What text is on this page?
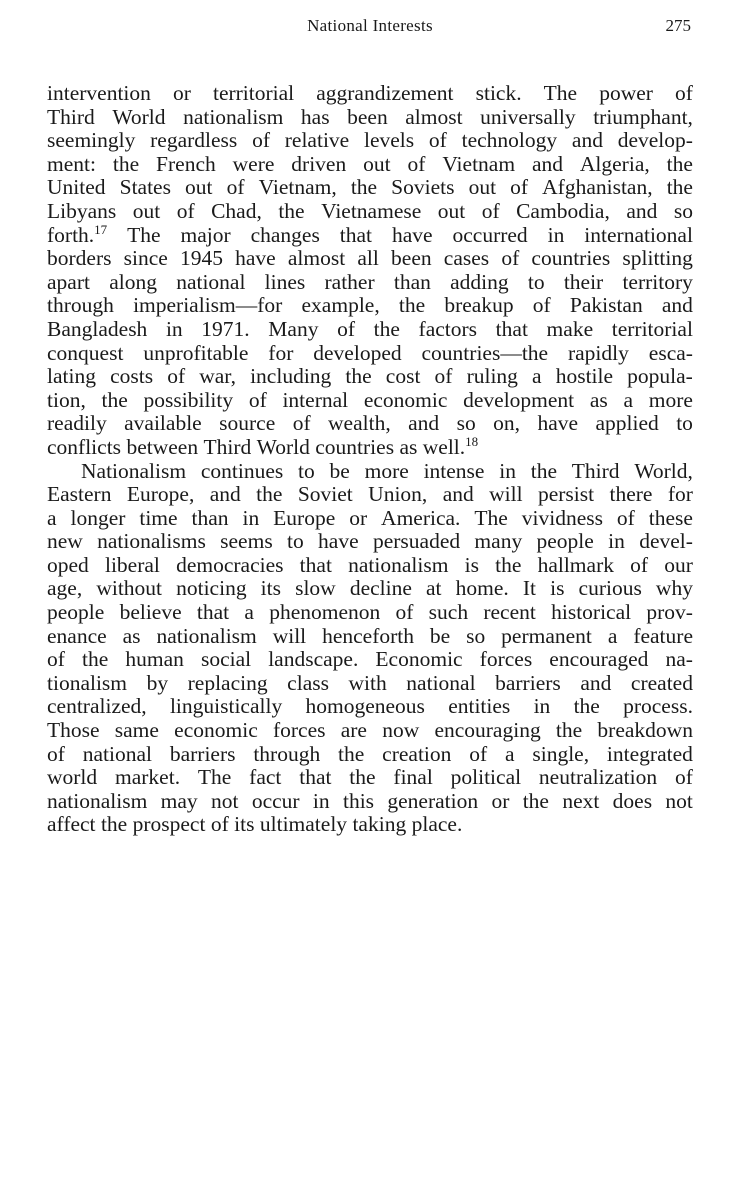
National Interests	275
intervention or territorial aggrandizement stick. The power of
Third World nationalism has been almost universally triumphant,
seemingly regardless of relative levels of technology and develop-
ment: the French were driven out of Vietnam and Algeria, the
United States out of Vietnam, the Soviets out of Afghanistan, the
Libyans out of Chad, the Vietnamese out of Cambodia, and so
forth.$^{17}$ The major changes that have occurred in international
borders since 1945 have almost all been cases of countries splitting
apart along national lines rather than adding to their territory
through imperialism—for example, the breakup of Pakistan and
Bangladesh in 1971. Many of the factors that make territorial
conquest unprofitable for developed countries—the rapidly esca-
lating costs of war, including the cost of ruling a hostile popula-
tion, the possibility of internal economic development as a more
readily available source of wealth, and so on, have applied to
conflicts between Third World countries as well.$^{18}$
Nationalism continues to be more intense in the Third World,
Eastern Europe, and the Soviet Union, and will persist there for
a longer time than in Europe or America. The vividness of these
new nationalisms seems to have persuaded many people in devel-
oped liberal democracies that nationalism is the hallmark of our
age, without noticing its slow decline at home. It is curious why
people believe that a phenomenon of such recent historical prov-
enance as nationalism will henceforth be so permanent a feature
of the human social landscape. Economic forces encouraged na-
tionalism by replacing class with national barriers and created
centralized, linguistically homogeneous entities in the process.
Those same economic forces are now encouraging the breakdown
of national barriers through the creation of a single, integrated
world market. The fact that the final political neutralization of
nationalism may not occur in this generation or the next does not
affect the prospect of its ultimately taking place.
